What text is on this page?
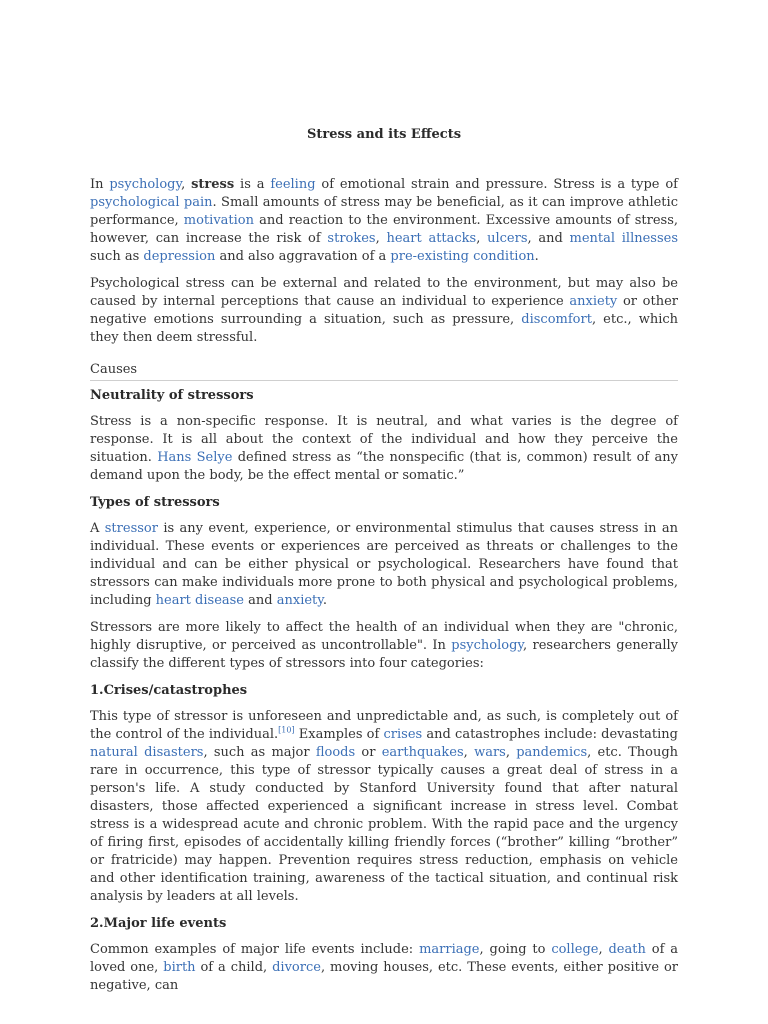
Stress and its Effects

In psychology, stress is a feeling of emotional strain and pressure. Stress is a type of psychological pain. Small amounts of stress may be beneficial, as it can improve athletic performance, motivation and reaction to the environment. Excessive amounts of stress, however, can increase the risk of strokes, heart attacks, ulcers, and mental illnesses such as depression and also aggravation of a pre-existing condition.

Psychological stress can be external and related to the environment, but may also be caused by internal perceptions that cause an individual to experience anxiety or other negative emotions surrounding a situation, such as pressure, discomfort, etc., which they then deem stressful.

Causes
Neutrality of stressors

Stress is a non-specific response. It is neutral, and what varies is the degree of response. It is all about the context of the individual and how they perceive the situation. Hans Selye defined stress as “the nonspecific (that is, common) result of any demand upon the body, be the effect mental or somatic.”

Types of stressors

A stressor is any event, experience, or environmental stimulus that causes stress in an individual. These events or experiences are perceived as threats or challenges to the individual and can be either physical or psychological. Researchers have found that stressors can make individuals more prone to both physical and psychological problems, including heart disease and anxiety.

Stressors are more likely to affect the health of an individual when they are "chronic, highly disruptive, or perceived as uncontrollable". In psychology, researchers generally classify the different types of stressors into four categories:

1.Crises/catastrophes

This type of stressor is unforeseen and unpredictable and, as such, is completely out of the control of the individual.[10] Examples of crises and catastrophes include: devastating natural disasters, such as major floods or earthquakes, wars, pandemics, etc. Though rare in occurrence, this type of stressor typically causes a great deal of stress in a person's life. A study conducted by Stanford University found that after natural disasters, those affected experienced a significant increase in stress level. Combat stress is a widespread acute and chronic problem. With the rapid pace and the urgency of firing first, episodes of accidentally killing friendly forces (“brother” killing “brother” or fratricide) may happen. Prevention requires stress reduction, emphasis on vehicle and other identification training, awareness of the tactical situation, and continual risk analysis by leaders at all levels.

2.Major life events

Common examples of major life events include: marriage, going to college, death of a loved one, birth of a child, divorce, moving houses, etc. These events, either positive or negative, can
